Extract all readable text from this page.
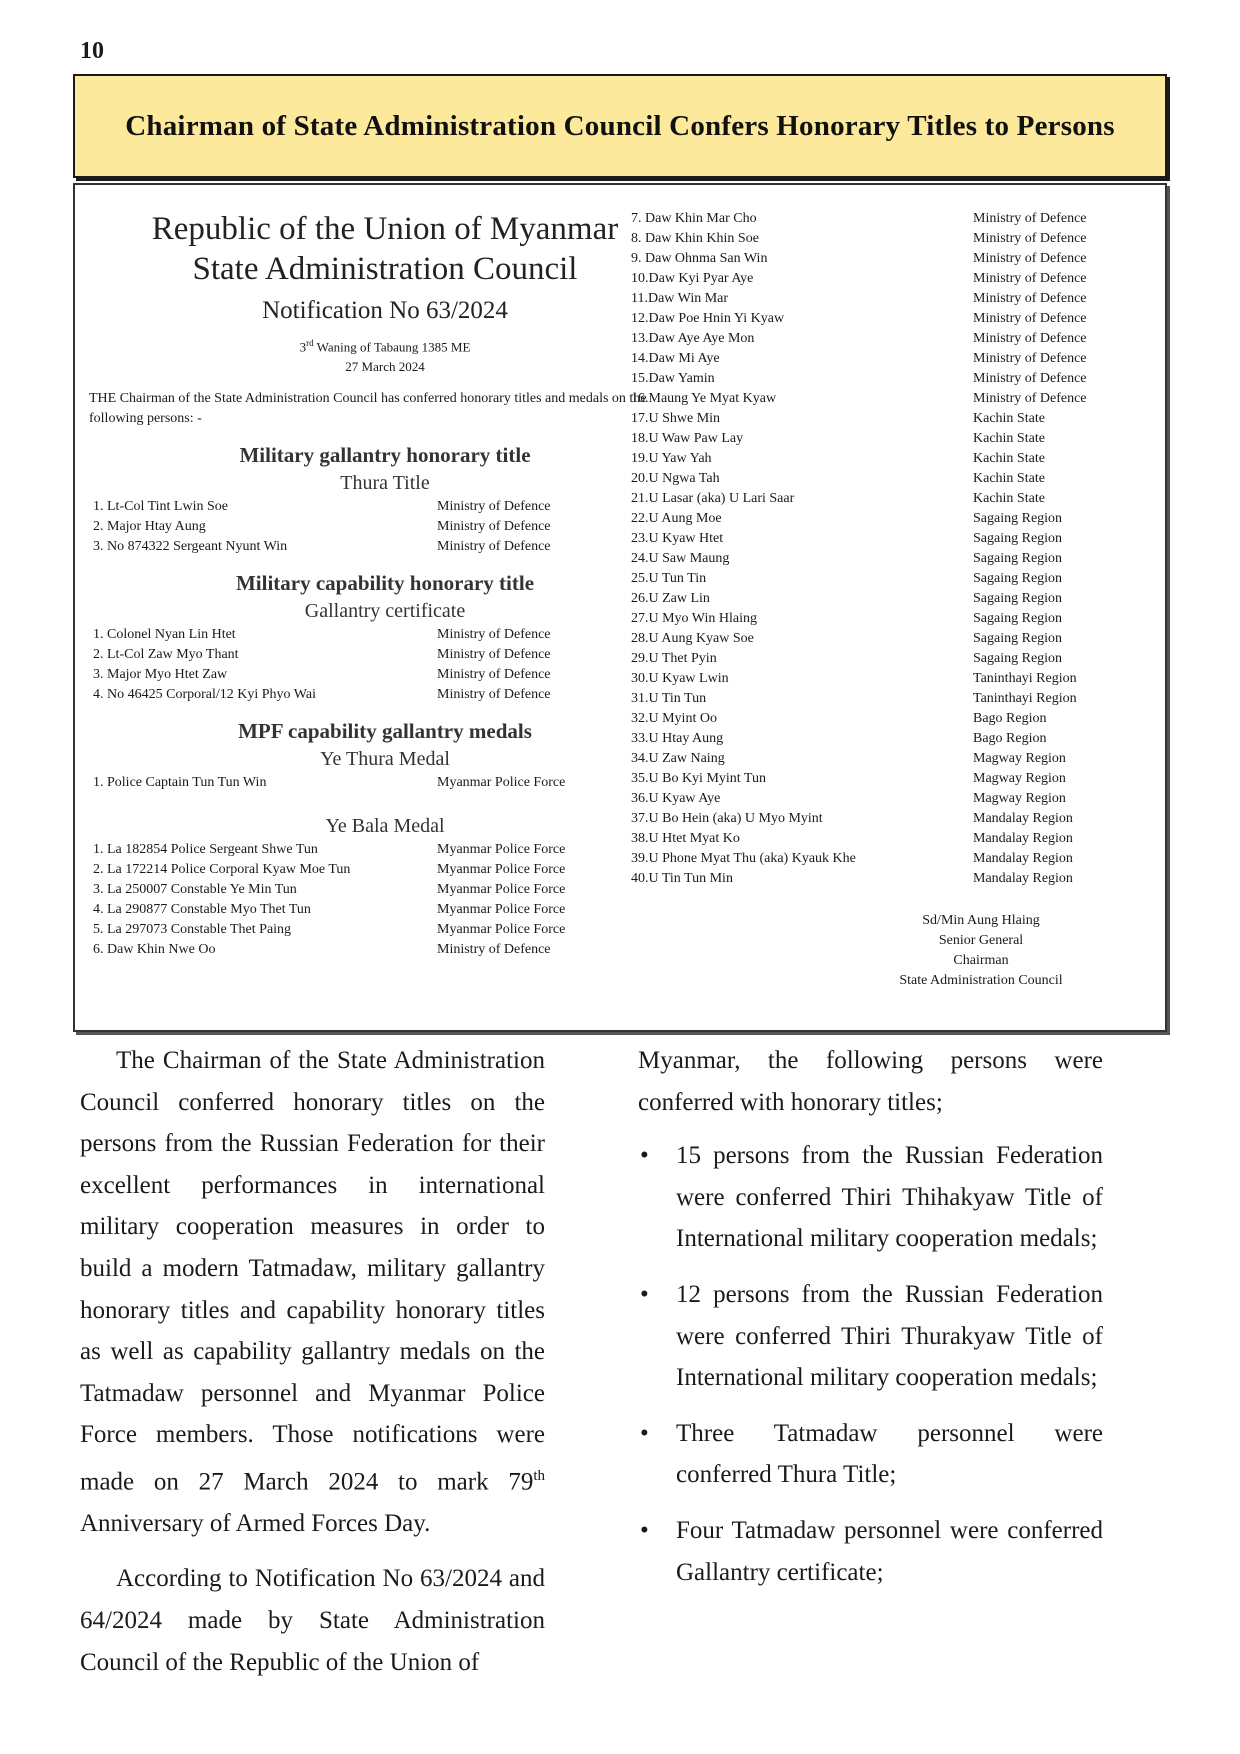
10
Chairman of State Administration Council Confers Honorary Titles to Persons
Republic of the Union of Myanmar
State Administration Council
Notification No 63/2024
3rd Waning of Tabaung 1385 ME
27 March 2024
THE Chairman of the State Administration Council has conferred honorary titles and medals on the following persons: -
Military gallantry honorary title
Thura Title
1. Lt-Col Tint Lwin Soe	Ministry of Defence
2. Major Htay Aung	Ministry of Defence
3. No 874322 Sergeant Nyunt Win	Ministry of Defence
Military capability honorary title
Gallantry certificate
1. Colonel Nyan Lin Htet	Ministry of Defence
2. Lt-Col Zaw Myo Thant	Ministry of Defence
3. Major Myo Htet Zaw	Ministry of Defence
4. No 46425 Corporal/12 Kyi Phyo Wai	Ministry of Defence
MPF capability gallantry medals
Ye Thura Medal
1. Police Captain Tun Tun Win	Myanmar Police Force
Ye Bala Medal
1. La 182854 Police Sergeant Shwe Tun	Myanmar Police Force
2. La 172214 Police Corporal Kyaw Moe Tun	Myanmar Police Force
3. La 250007 Constable Ye Min Tun	Myanmar Police Force
4. La 290877 Constable Myo Thet Tun	Myanmar Police Force
5. La 297073 Constable Thet Paing	Myanmar Police Force
6. Daw Khin Nwe Oo	Ministry of Defence
7. Daw Khin Mar Cho	Ministry of Defence
8. Daw Khin Khin Soe	Ministry of Defence
9. Daw Ohnma San Win	Ministry of Defence
10.Daw Kyi Pyar Aye	Ministry of Defence
11.Daw Win Mar	Ministry of Defence
12.Daw Poe Hnin Yi Kyaw	Ministry of Defence
13.Daw Aye Aye Mon	Ministry of Defence
14.Daw Mi Aye	Ministry of Defence
15.Daw Yamin	Ministry of Defence
16.Maung Ye Myat Kyaw	Ministry of Defence
17.U Shwe Min	Kachin State
18.U Waw Paw Lay	Kachin State
19.U Yaw Yah	Kachin State
20.U Ngwa Tah	Kachin State
21.U Lasar (aka) U Lari Saar	Kachin State
22.U Aung Moe	Sagaing Region
23.U Kyaw Htet	Sagaing Region
24.U Saw Maung	Sagaing Region
25.U Tun Tin	Sagaing Region
26.U Zaw Lin	Sagaing Region
27.U Myo Win Hlaing	Sagaing Region
28.U Aung Kyaw Soe	Sagaing Region
29.U Thet Pyin	Sagaing Region
30.U Kyaw Lwin	Taninthayi Region
31.U Tin Tun	Taninthayi Region
32.U Myint Oo	Bago Region
33.U Htay Aung	Bago Region
34.U Zaw Naing	Magway Region
35.U Bo Kyi Myint Tun	Magway Region
36.U Kyaw Aye	Magway Region
37.U Bo Hein (aka) U Myo Myint	Mandalay Region
38.U Htet Myat Ko	Mandalay Region
39.U Phone Myat Thu (aka) Kyauk Khe	Mandalay Region
40.U Tin Tun Min	Mandalay Region
Sd/Min Aung Hlaing
Senior General
Chairman
State Administration Council

The Chairman of the State Administration Council conferred honorary titles on the persons from the Russian Federation for their excellent performances in international military cooperation measures in order to build a modern Tatmadaw, military gallantry honorary titles and capability honorary titles as well as capability gallantry medals on the Tatmadaw personnel and Myanmar Police Force members. Those notifications were made on 27 March 2024 to mark 79th Anniversary of Armed Forces Day.

According to Notification No 63/2024 and 64/2024 made by State Administration Council of the Republic of the Union of

Myanmar, the following persons were conferred with honorary titles;

• 15 persons from the Russian Federation were conferred Thiri Thihakyaw Title of International military cooperation medals;
• 12 persons from the Russian Federation were conferred Thiri Thurakyaw Title of International military cooperation medals;
• Three Tatmadaw personnel were conferred Thura Title;
• Four Tatmadaw personnel were conferred Gallantry certificate;
